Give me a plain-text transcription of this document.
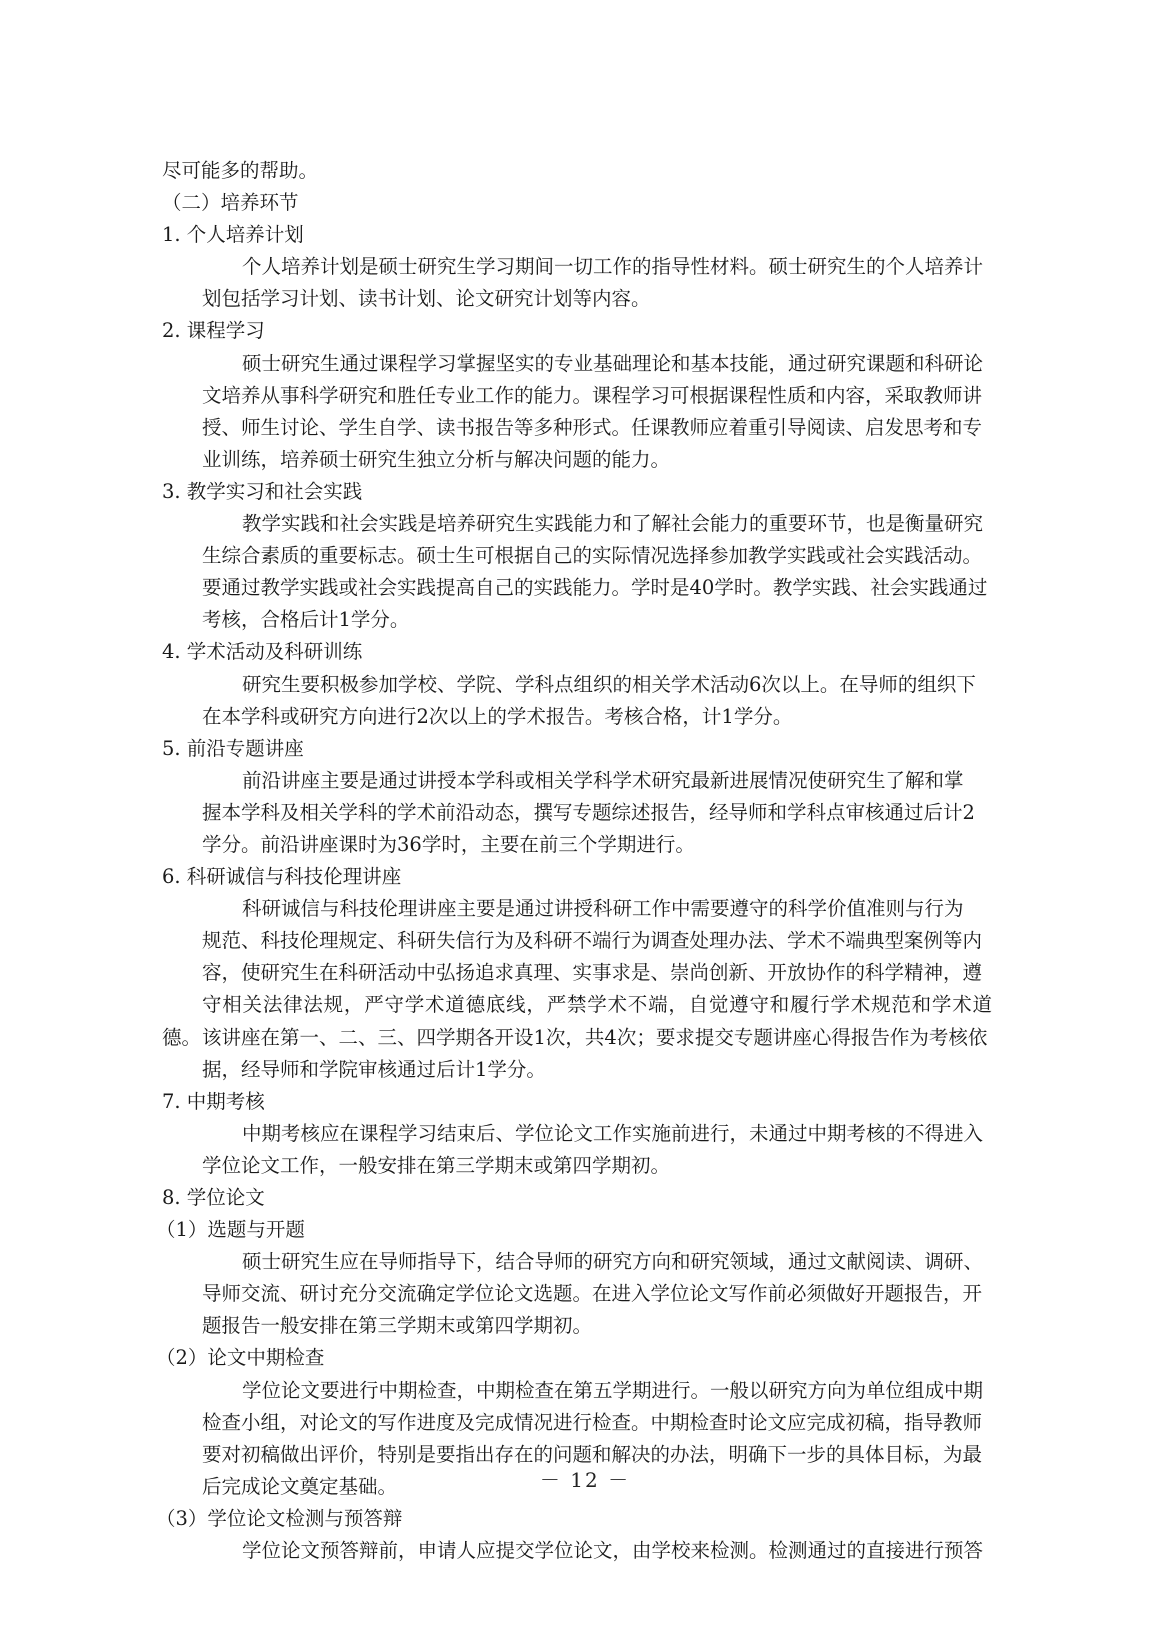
尽可能多的帮助。
（二）培养环节
1. 个人培养计划
个人培养计划是硕士研究生学习期间一切工作的指导性材料。硕士研究生的个人培养计
划包括学习计划、读书计划、论文研究计划等内容。
2. 课程学习
硕士研究生通过课程学习掌握坚实的专业基础理论和基本技能，通过研究课题和科研论
文培养从事科学研究和胜任专业工作的能力。课程学习可根据课程性质和内容，采取教师讲
授、师生讨论、学生自学、读书报告等多种形式。任课教师应着重引导阅读、启发思考和专
业训练，培养硕士研究生独立分析与解决问题的能力。
3. 教学实习和社会实践
教学实践和社会实践是培养研究生实践能力和了解社会能力的重要环节，也是衡量研究
生综合素质的重要标志。硕士生可根据自己的实际情况选择参加教学实践或社会实践活动。
要通过教学实践或社会实践提高自己的实践能力。学时是40学时。教学实践、社会实践通过
考核，合格后计1学分。
4. 学术活动及科研训练
研究生要积极参加学校、学院、学科点组织的相关学术活动6次以上。在导师的组织下
在本学科或研究方向进行2次以上的学术报告。考核合格，计1学分。
5. 前沿专题讲座
前沿讲座主要是通过讲授本学科或相关学科学术研究最新进展情况使研究生了解和掌
握本学科及相关学科的学术前沿动态，撰写专题综述报告，经导师和学科点审核通过后计2
学分。前沿讲座课时为36学时，主要在前三个学期进行。
6. 科研诚信与科技伦理讲座
科研诚信与科技伦理讲座主要是通过讲授科研工作中需要遵守的科学价值准则与行为
规范、科技伦理规定、科研失信行为及科研不端行为调查处理办法、学术不端典型案例等内
容，使研究生在科研活动中弘扬追求真理、实事求是、崇尚创新、开放协作的科学精神，遵
守相关法律法规，严守学术道德底线，严禁学术不端，自觉遵守和履行学术规范和学术道德。 该讲座在第一、二、三、四学期各开设1次，共4次；要求提交专题讲座心得报告作为考核依
据，经导师和学院审核通过后计1学分。
7. 中期考核
中期考核应在课程学习结束后、学位论文工作实施前进行，未通过中期考核的不得进入
学位论文工作，一般安排在第三学期末或第四学期初。
8. 学位论文
（1）选题与开题
硕士研究生应在导师指导下，结合导师的研究方向和研究领域，通过文献阅读、调研、
导师交流、研讨充分交流确定学位论文选题。在进入学位论文写作前必须做好开题报告，开
题报告一般安排在第三学期末或第四学期初。
（2）论文中期检查
学位论文要进行中期检查，中期检查在第五学期进行。一般以研究方向为单位组成中期
检查小组，对论文的写作进度及完成情况进行检查。中期检查时论文应完成初稿，指导教师
要对初稿做出评价，特别是要指出存在的问题和解决的办法，明确下一步的具体目标，为最
后完成论文奠定基础。
（3）学位论文检测与预答辩
学位论文预答辩前，申请人应提交学位论文，由学校来检测。检测通过的直接进行预答
－ 12 －
